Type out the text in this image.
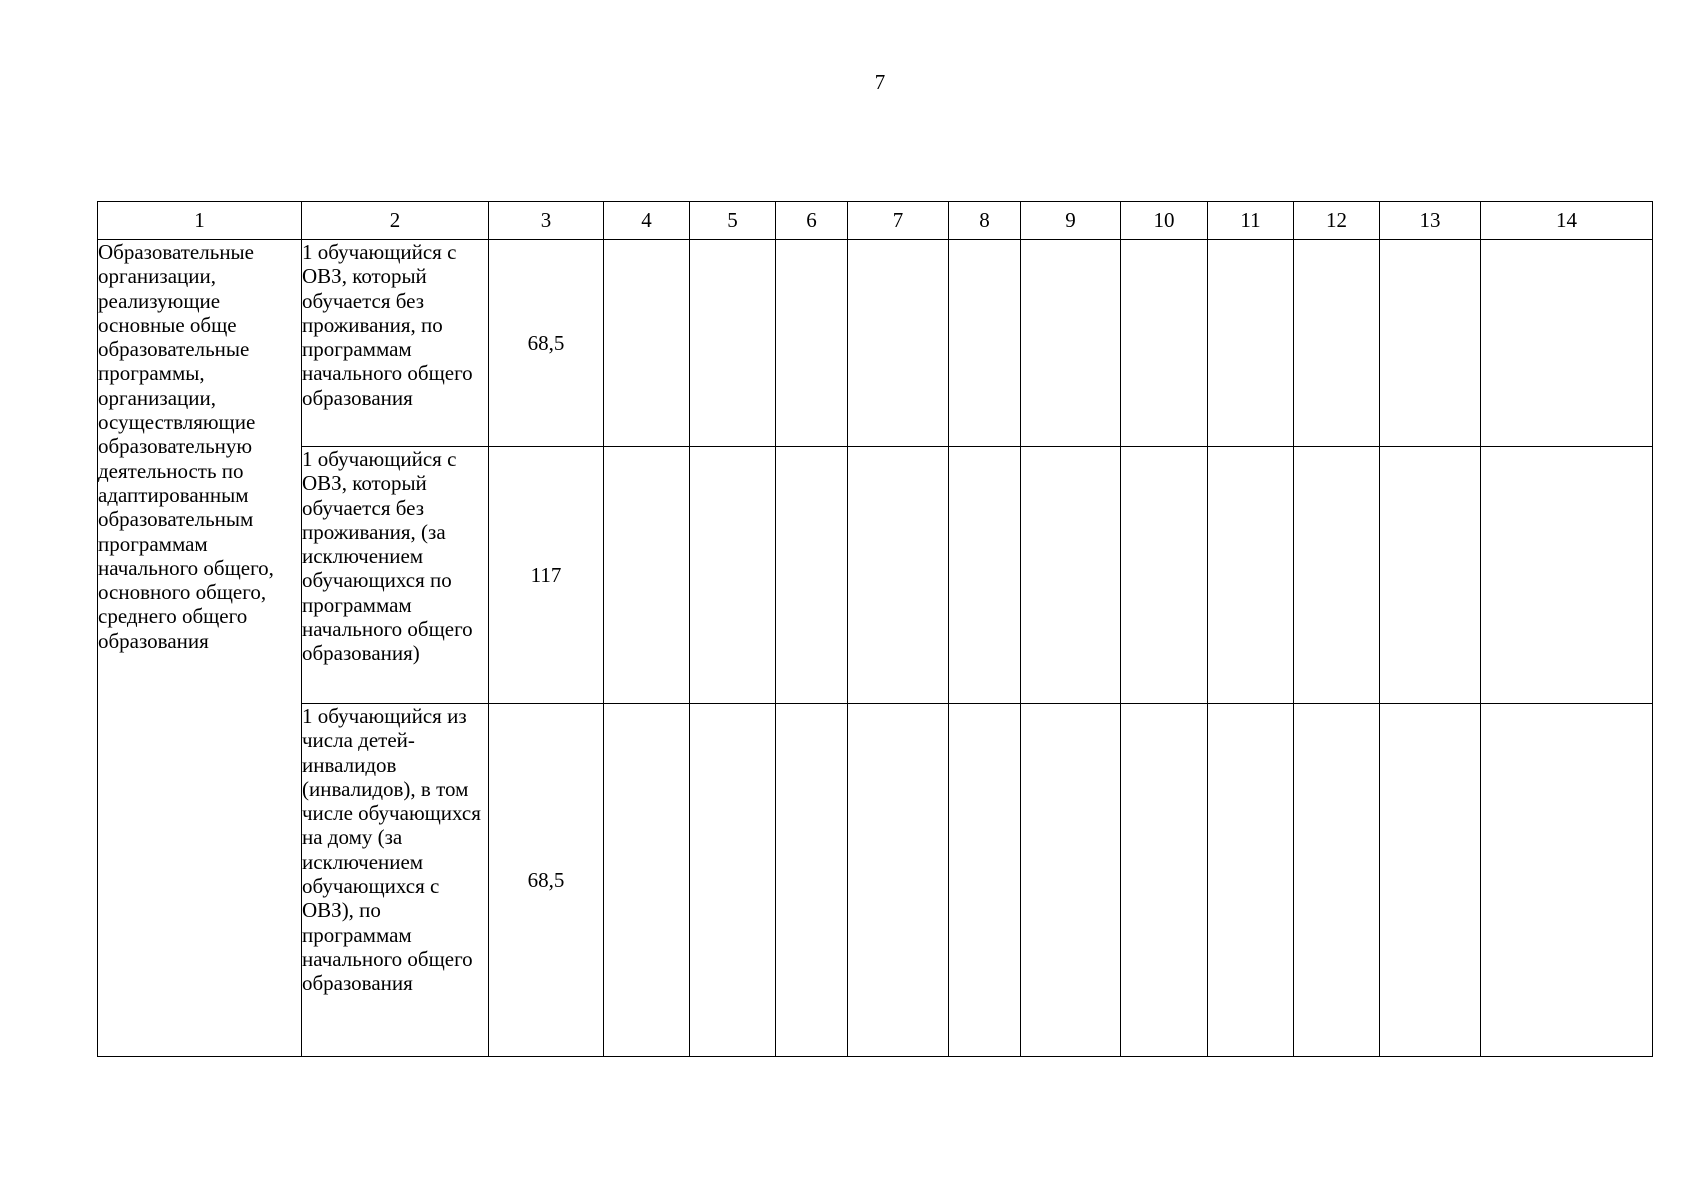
7
1	2	3	4	5	6	7	8	9	10	11	12	13	14
Образовательные организации, реализующие основные обще образовательные программы, организации, осуществляющие образовательную деятельность по адаптированным образовательным программам начального общего, основного общего, среднего общего образования	1 обучающийся с ОВЗ, который обучается без проживания, по программам начального общего образования	68,5											
	1 обучающийся с ОВЗ, который обучается без проживания, (за исключением обучающихся по программам начального общего образования)	117											
	1 обучающийся из числа детей-инвалидов (инвалидов), в том числе обучающихся на дому (за исключением обучающихся с ОВЗ), по программам начального общего образования	68,5											
